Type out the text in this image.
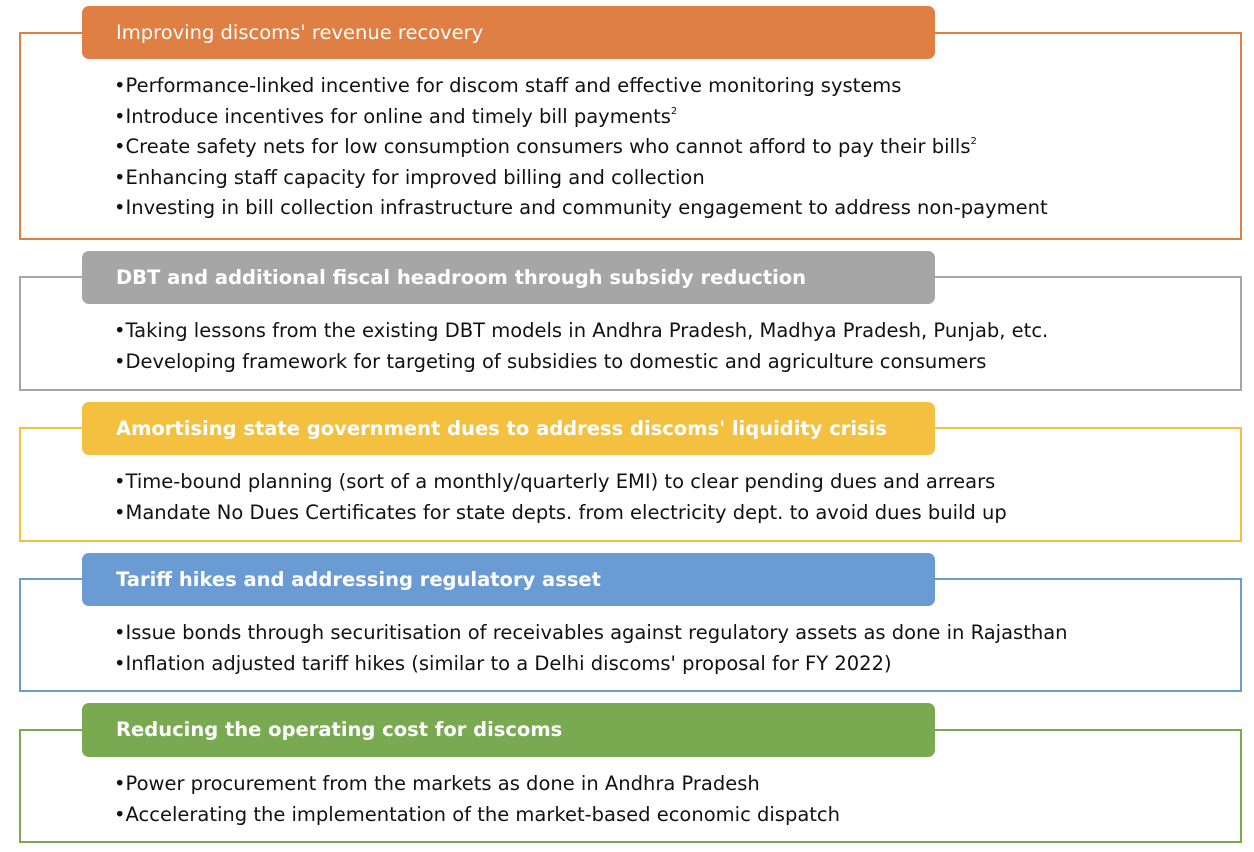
Improving discoms' revenue recovery
•Performance-linked incentive for discom staff and effective monitoring systems
•Introduce incentives for online and timely bill payments$^2$
•Create safety nets for low consumption consumers who cannot afford to pay their bills$^2$
•Enhancing staff capacity for improved billing and collection
•Investing in bill collection infrastructure and community engagement to address non-payment
DBT and additional fiscal headroom through subsidy reduction
•Taking lessons from the existing DBT models in Andhra Pradesh, Madhya Pradesh, Punjab, etc.
•Developing framework for targeting of subsidies to domestic and agriculture consumers
Amortising state government dues to address discoms' liquidity crisis
•Time-bound planning (sort of a monthly/quarterly EMI) to clear pending dues and arrears
•Mandate No Dues Certificates for state depts. from electricity dept. to avoid dues build up
Tariff hikes and addressing regulatory asset
•Issue bonds through securitisation of receivables against regulatory assets as done in Rajasthan
•Inflation adjusted tariff hikes (similar to a Delhi discoms' proposal for FY 2022)
Reducing the operating cost for discoms
•Power procurement from the markets as done in Andhra Pradesh
•Accelerating the implementation of the market-based economic dispatch
